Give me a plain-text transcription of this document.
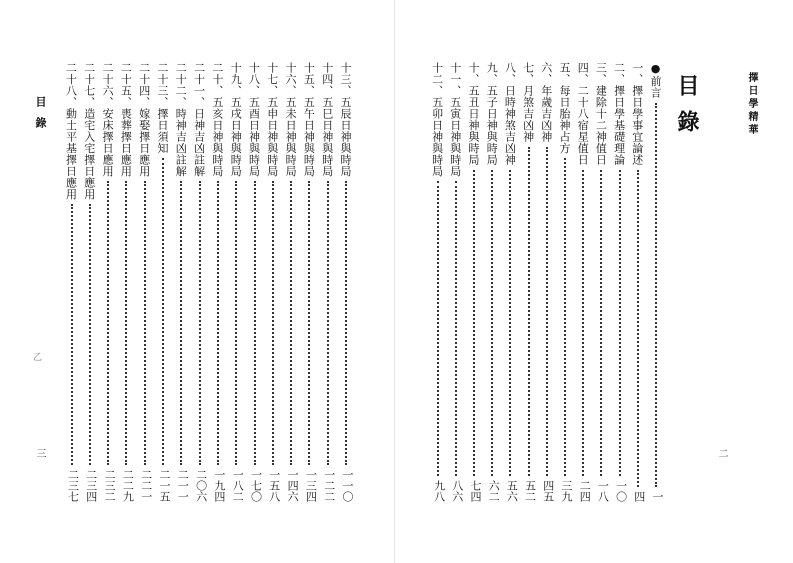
擇日學精華
目錄
二
●前言
一
一、擇日學事宜論述
四
二、擇日學基礎理論
一〇
三、建除十二神值日
一八
四、二十八宿星值日
二四
五、每日胎神占方
三九
六、年歲吉凶神
四五
七、月煞吉凶神
五二
八、日時神煞吉凶神
五六
九、五子日神與時局
六二
十、五丑日神與時局
七四
十一、五寅日神與時局
八六
十二、五卯日神與時局
九八
目錄
三
乙
十三、五辰日神與時局
一一〇
十四、五巳日神與時局
一二二
十五、五午日神與時局
一三四
十六、五未日神與時局
一四六
十七、五申日神與時局
一五八
十八、五酉日神與時局
一七〇
十九、五戌日神與時局
一八二
二十、五亥日神與時局
一九四
二十一、日神吉凶註解
二〇六
二十二、時神吉凶註解
二一一
二十三、擇日須知
二一五
二十四、嫁娶擇日應用
二二一
二十五、喪葬擇日應用
二二九
二十六、安床擇日應用
二三二
二十七、造宅入宅擇日應用
二三四
二十八、動土平基擇日應用
二三七
